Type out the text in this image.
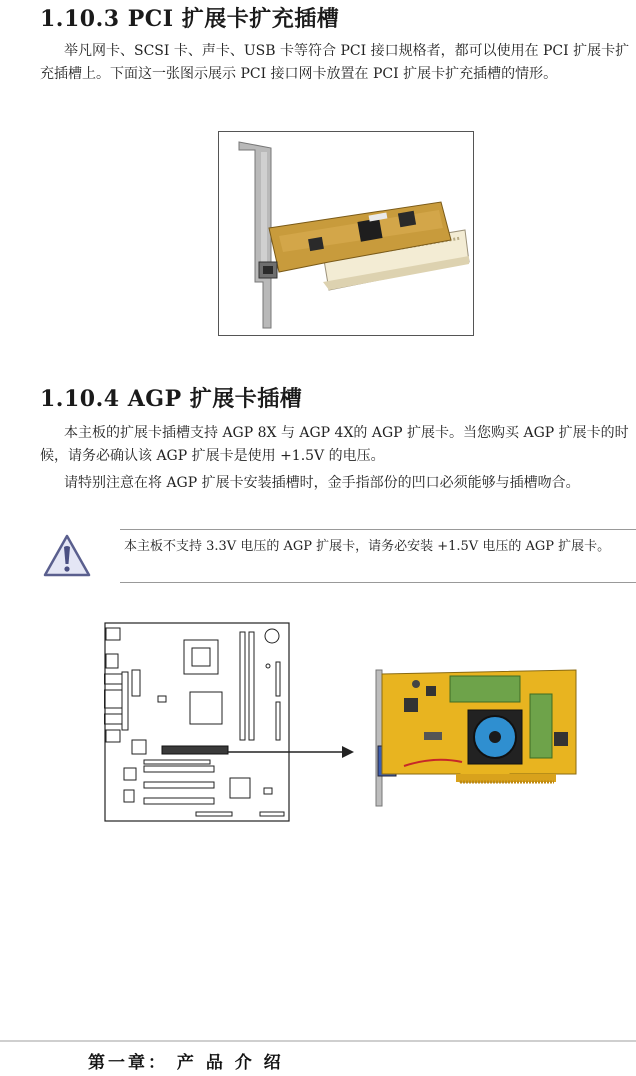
1.10.3 PCI 扩展卡扩充插槽

举凡网卡、SCSI 卡、声卡、USB 卡等符合 PCI 接口规格者，都可以使用在 PCI 扩展卡扩充插槽上。下面这一张图示展示 PCI 接口网卡放置在 PCI 扩展卡扩充插槽的情形。

1.10.4 AGP 扩展卡插槽

本主板的扩展卡插槽支持 AGP 8X 与 AGP 4X的 AGP 扩展卡。当您购买 AGP 扩展卡的时候，请务必确认该 AGP 扩展卡是使用 +1.5V 的电压。

请特别注意在将 AGP 扩展卡安装插槽时，金手指部份的凹口必须能够与插槽吻合。

本主板不支持 3.3V 电压的 AGP 扩展卡，请务必安装 +1.5V 电压的 AGP 扩展卡。

第一章： 产 品 介 绍
